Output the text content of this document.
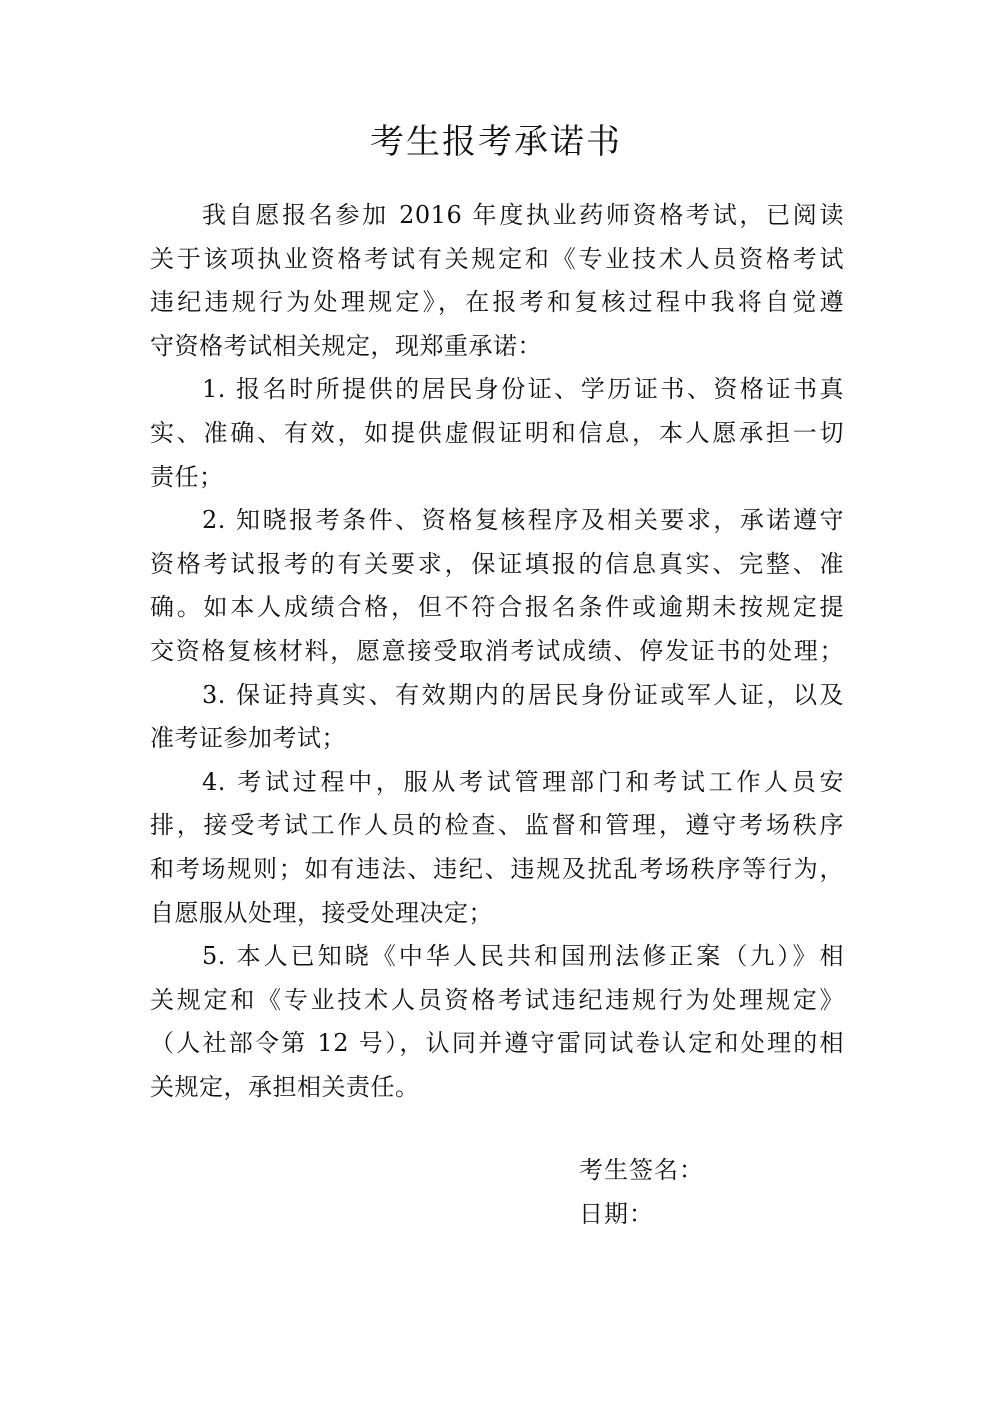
考生报考承诺书
我自愿报名参加 2016 年度执业药师资格考试，已阅读
关于该项执业资格考试有关规定和《专业技术人员资格考试
违纪违规行为处理规定》，在报考和复核过程中我将自觉遵
守资格考试相关规定，现郑重承诺：
1. 报名时所提供的居民身份证、学历证书、资格证书真
实、准确、有效，如提供虚假证明和信息，本人愿承担一切
责任；
2. 知晓报考条件、资格复核程序及相关要求，承诺遵守
资格考试报考的有关要求，保证填报的信息真实、完整、准
确。如本人成绩合格，但不符合报名条件或逾期未按规定提
交资格复核材料，愿意接受取消考试成绩、停发证书的处理；
3. 保证持真实、有效期内的居民身份证或军人证，以及
准考证参加考试；
4. 考试过程中，服从考试管理部门和考试工作人员安
排，接受考试工作人员的检查、监督和管理，遵守考场秩序
和考场规则；如有违法、违纪、违规及扰乱考场秩序等行为，
自愿服从处理，接受处理决定；
5. 本人已知晓《中华人民共和国刑法修正案（九）》相
关规定和《专业技术人员资格考试违纪违规行为处理规定》
（人社部令第 12 号），认同并遵守雷同试卷认定和处理的相
关规定，承担相关责任。
考生签名：
日期：
